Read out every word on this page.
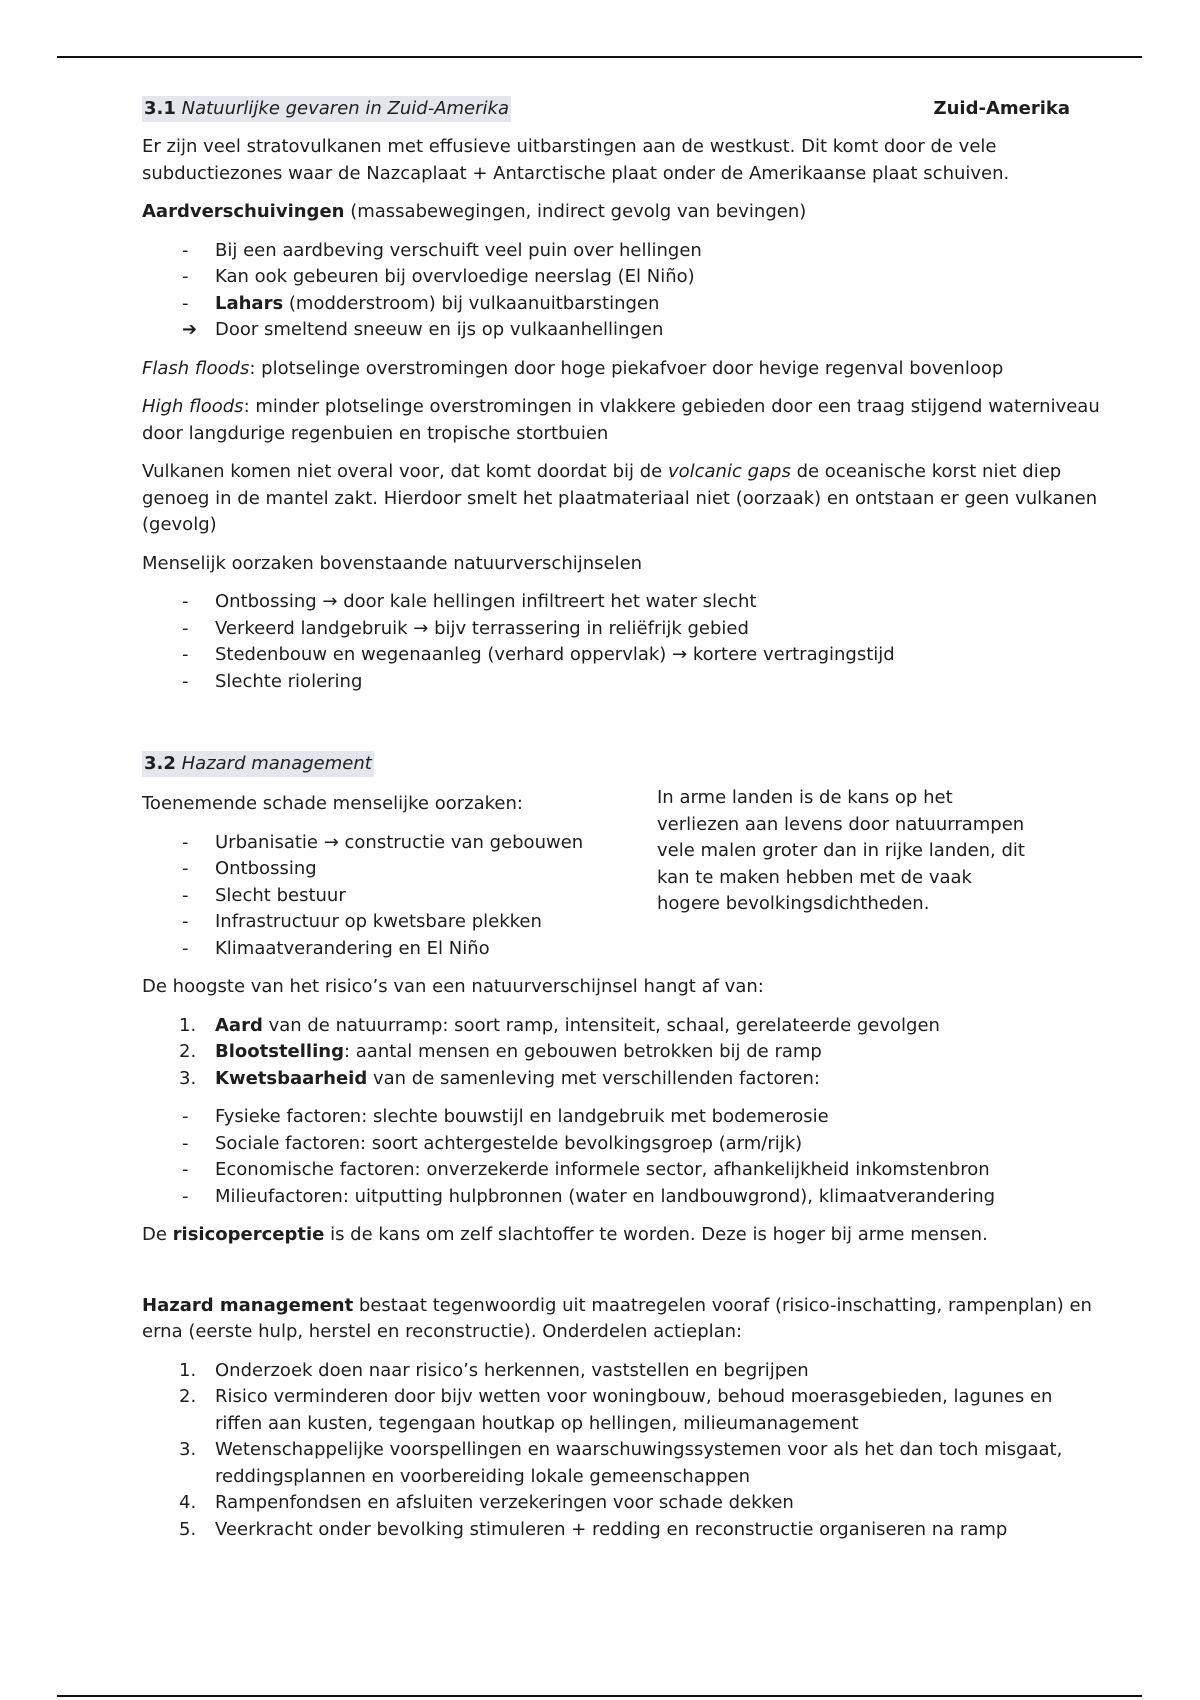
3.1 Natuurlijke gevaren in Zuid-Amerika	Zuid-Amerika

Er zijn veel stratovulkanen met effusieve uitbarstingen aan de westkust. Dit komt door de vele subductiezones waar de Nazcaplaat + Antarctische plaat onder de Amerikaanse plaat schuiven.

Aardverschuivingen (massabewegingen, indirect gevolg van bevingen)

- Bij een aardbeving verschuift veel puin over hellingen
- Kan ook gebeuren bij overvloedige neerslag (El Niño)
- Lahars (modderstroom) bij vulkaanuitbarstingen
➔ Door smeltend sneeuw en ijs op vulkaanhellingen

Flash floods: plotselinge overstromingen door hoge piekafvoer door hevige regenval bovenloop

High floods: minder plotselinge overstromingen in vlakkere gebieden door een traag stijgend waterniveau door langdurige regenbuien en tropische stortbuien

Vulkanen komen niet overal voor, dat komt doordat bij de volcanic gaps de oceanische korst niet diep genoeg in de mantel zakt. Hierdoor smelt het plaatmateriaal niet (oorzaak) en ontstaan er geen vulkanen (gevolg)

Menselijk oorzaken bovenstaande natuurverschijnselen

- Ontbossing → door kale hellingen infiltreert het water slecht
- Verkeerd landgebruik → bijv terrassering in reliëfrijk gebied
- Stedenbouw en wegenaanleg (verhard oppervlak) → kortere vertragingstijd
- Slechte riolering
3.2 Hazard management

Toenemende schade menselijke oorzaken:

- Urbanisatie → constructie van gebouwen
- Ontbossing
- Slecht bestuur
- Infrastructuur op kwetsbare plekken
- Klimaatverandering en El Niño

In arme landen is de kans op het verliezen aan levens door natuurrampen vele malen groter dan in rijke landen, dit kan te maken hebben met de vaak hogere bevolkingsdichtheden.

De hoogste van het risico’s van een natuurverschijnsel hangt af van:

1. Aard van de natuurramp: soort ramp, intensiteit, schaal, gerelateerde gevolgen
2. Blootstelling: aantal mensen en gebouwen betrokken bij de ramp
3. Kwetsbaarheid van de samenleving met verschillenden factoren:
- Fysieke factoren: slechte bouwstijl en landgebruik met bodemerosie
- Sociale factoren: soort achtergestelde bevolkingsgroep (arm/rijk)
- Economische factoren: onverzekerde informele sector, afhankelijkheid inkomstenbron
- Milieufactoren: uitputting hulpbronnen (water en landbouwgrond), klimaatverandering

De risicoperceptie is de kans om zelf slachtoffer te worden. Deze is hoger bij arme mensen.

Hazard management bestaat tegenwoordig uit maatregelen vooraf (risico-inschatting, rampenplan) en erna (eerste hulp, herstel en reconstructie). Onderdelen actieplan:

1. Onderzoek doen naar risico’s herkennen, vaststellen en begrijpen
2. Risico verminderen door bijv wetten voor woningbouw, behoud moerasgebieden, lagunes en riffen aan kusten, tegengaan houtkap op hellingen, milieumanagement
3. Wetenschappelijke voorspellingen en waarschuwingssystemen voor als het dan toch misgaat, reddingsplannen en voorbereiding lokale gemeenschappen
4. Rampenfondsen en afsluiten verzekeringen voor schade dekken
5. Veerkracht onder bevolking stimuleren + redding en reconstructie organiseren na ramp
